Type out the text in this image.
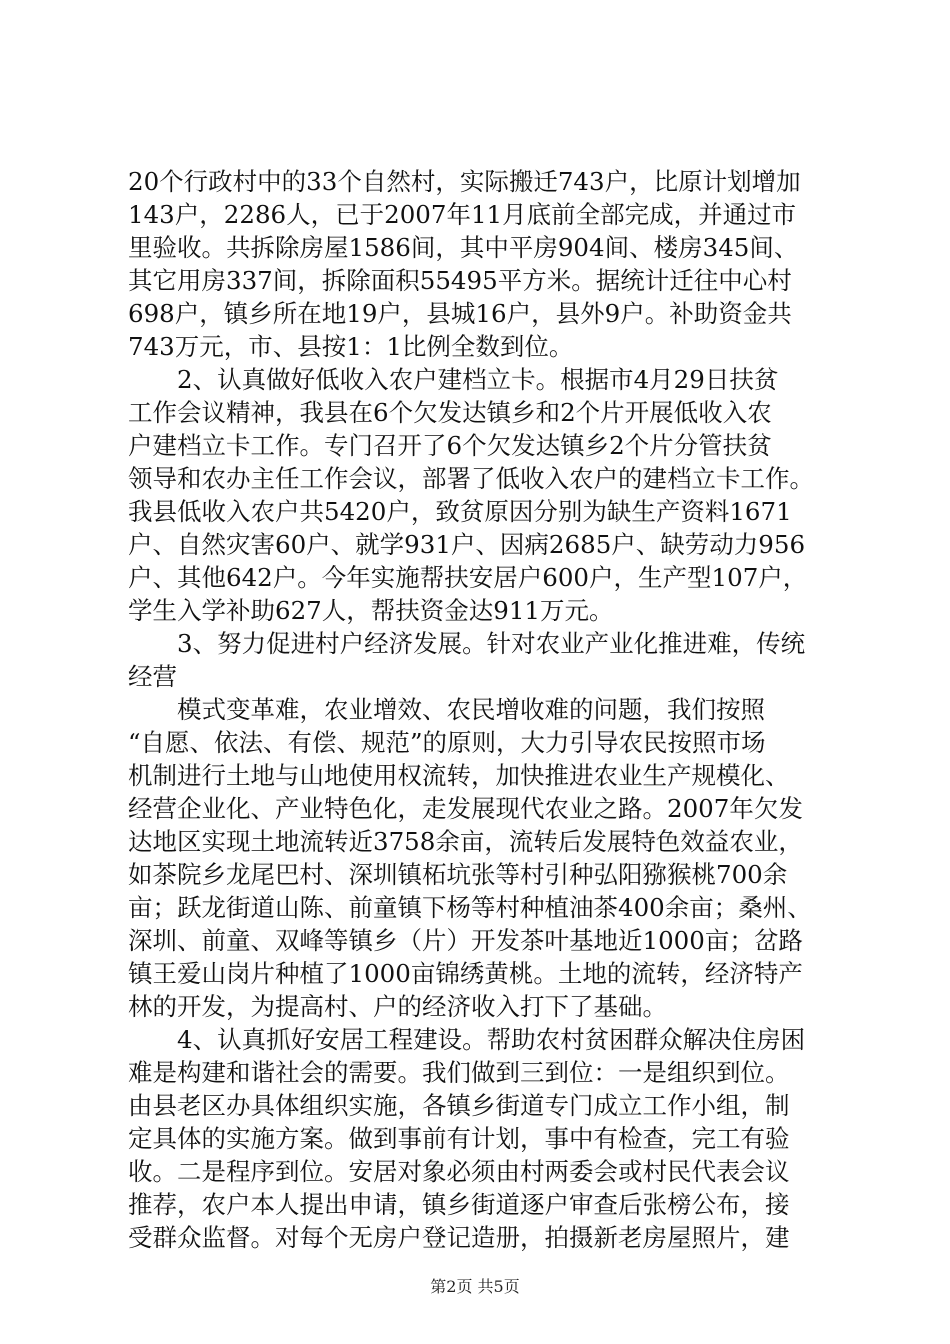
20个行政村中的33个自然村，实际搬迁743户，比原计划增加
143户，2286人，已于2007年11月底前全部完成，并通过市
里验收。共拆除房屋1586间，其中平房904间、楼房345间、
其它用房337间，拆除面积55495平方米。据统计迁往中心村
698户，镇乡所在地19户，县城16户，县外9户。补助资金共
743万元，市、县按1：1比例全数到位。
　　2、认真做好低收入农户建档立卡。根据市4月29日扶贫
工作会议精神，我县在6个欠发达镇乡和2个片开展低收入农
户建档立卡工作。专门召开了6个欠发达镇乡2个片分管扶贫
领导和农办主任工作会议，部署了低收入农户的建档立卡工作。
我县低收入农户共5420户，致贫原因分别为缺生产资料1671
户、自然灾害60户、就学931户、因病2685户、缺劳动力956
户、其他642户。今年实施帮扶安居户600户，生产型107户，
学生入学补助627人，帮扶资金达911万元。
　　3、努力促进村户经济发展。针对农业产业化推进难，传统
经营
　　模式变革难，农业增效、农民增收难的问题，我们按照
“自愿、依法、有偿、规范”的原则，大力引导农民按照市场
机制进行土地与山地使用权流转，加快推进农业生产规模化、
经营企业化、产业特色化，走发展现代农业之路。2007年欠发
达地区实现土地流转近3758余亩，流转后发展特色效益农业，
如茶院乡龙尾巴村、深圳镇柘坑张等村引种弘阳猕猴桃700余
亩；跃龙街道山陈、前童镇下杨等村种植油茶400余亩；桑州、
深圳、前童、双峰等镇乡（片）开发茶叶基地近1000亩；岔路
镇王爱山岗片种植了1000亩锦绣黄桃。土地的流转，经济特产
林的开发，为提高村、户的经济收入打下了基础。
　　4、认真抓好安居工程建设。帮助农村贫困群众解决住房困
难是构建和谐社会的需要。我们做到三到位：一是组织到位。
由县老区办具体组织实施，各镇乡街道专门成立工作小组，制
定具体的实施方案。做到事前有计划，事中有检查，完工有验
收。二是程序到位。安居对象必须由村两委会或村民代表会议
推荐，农户本人提出申请，镇乡街道逐户审查后张榜公布，接
受群众监督。对每个无房户登记造册，拍摄新老房屋照片，建
第2页 共5页
